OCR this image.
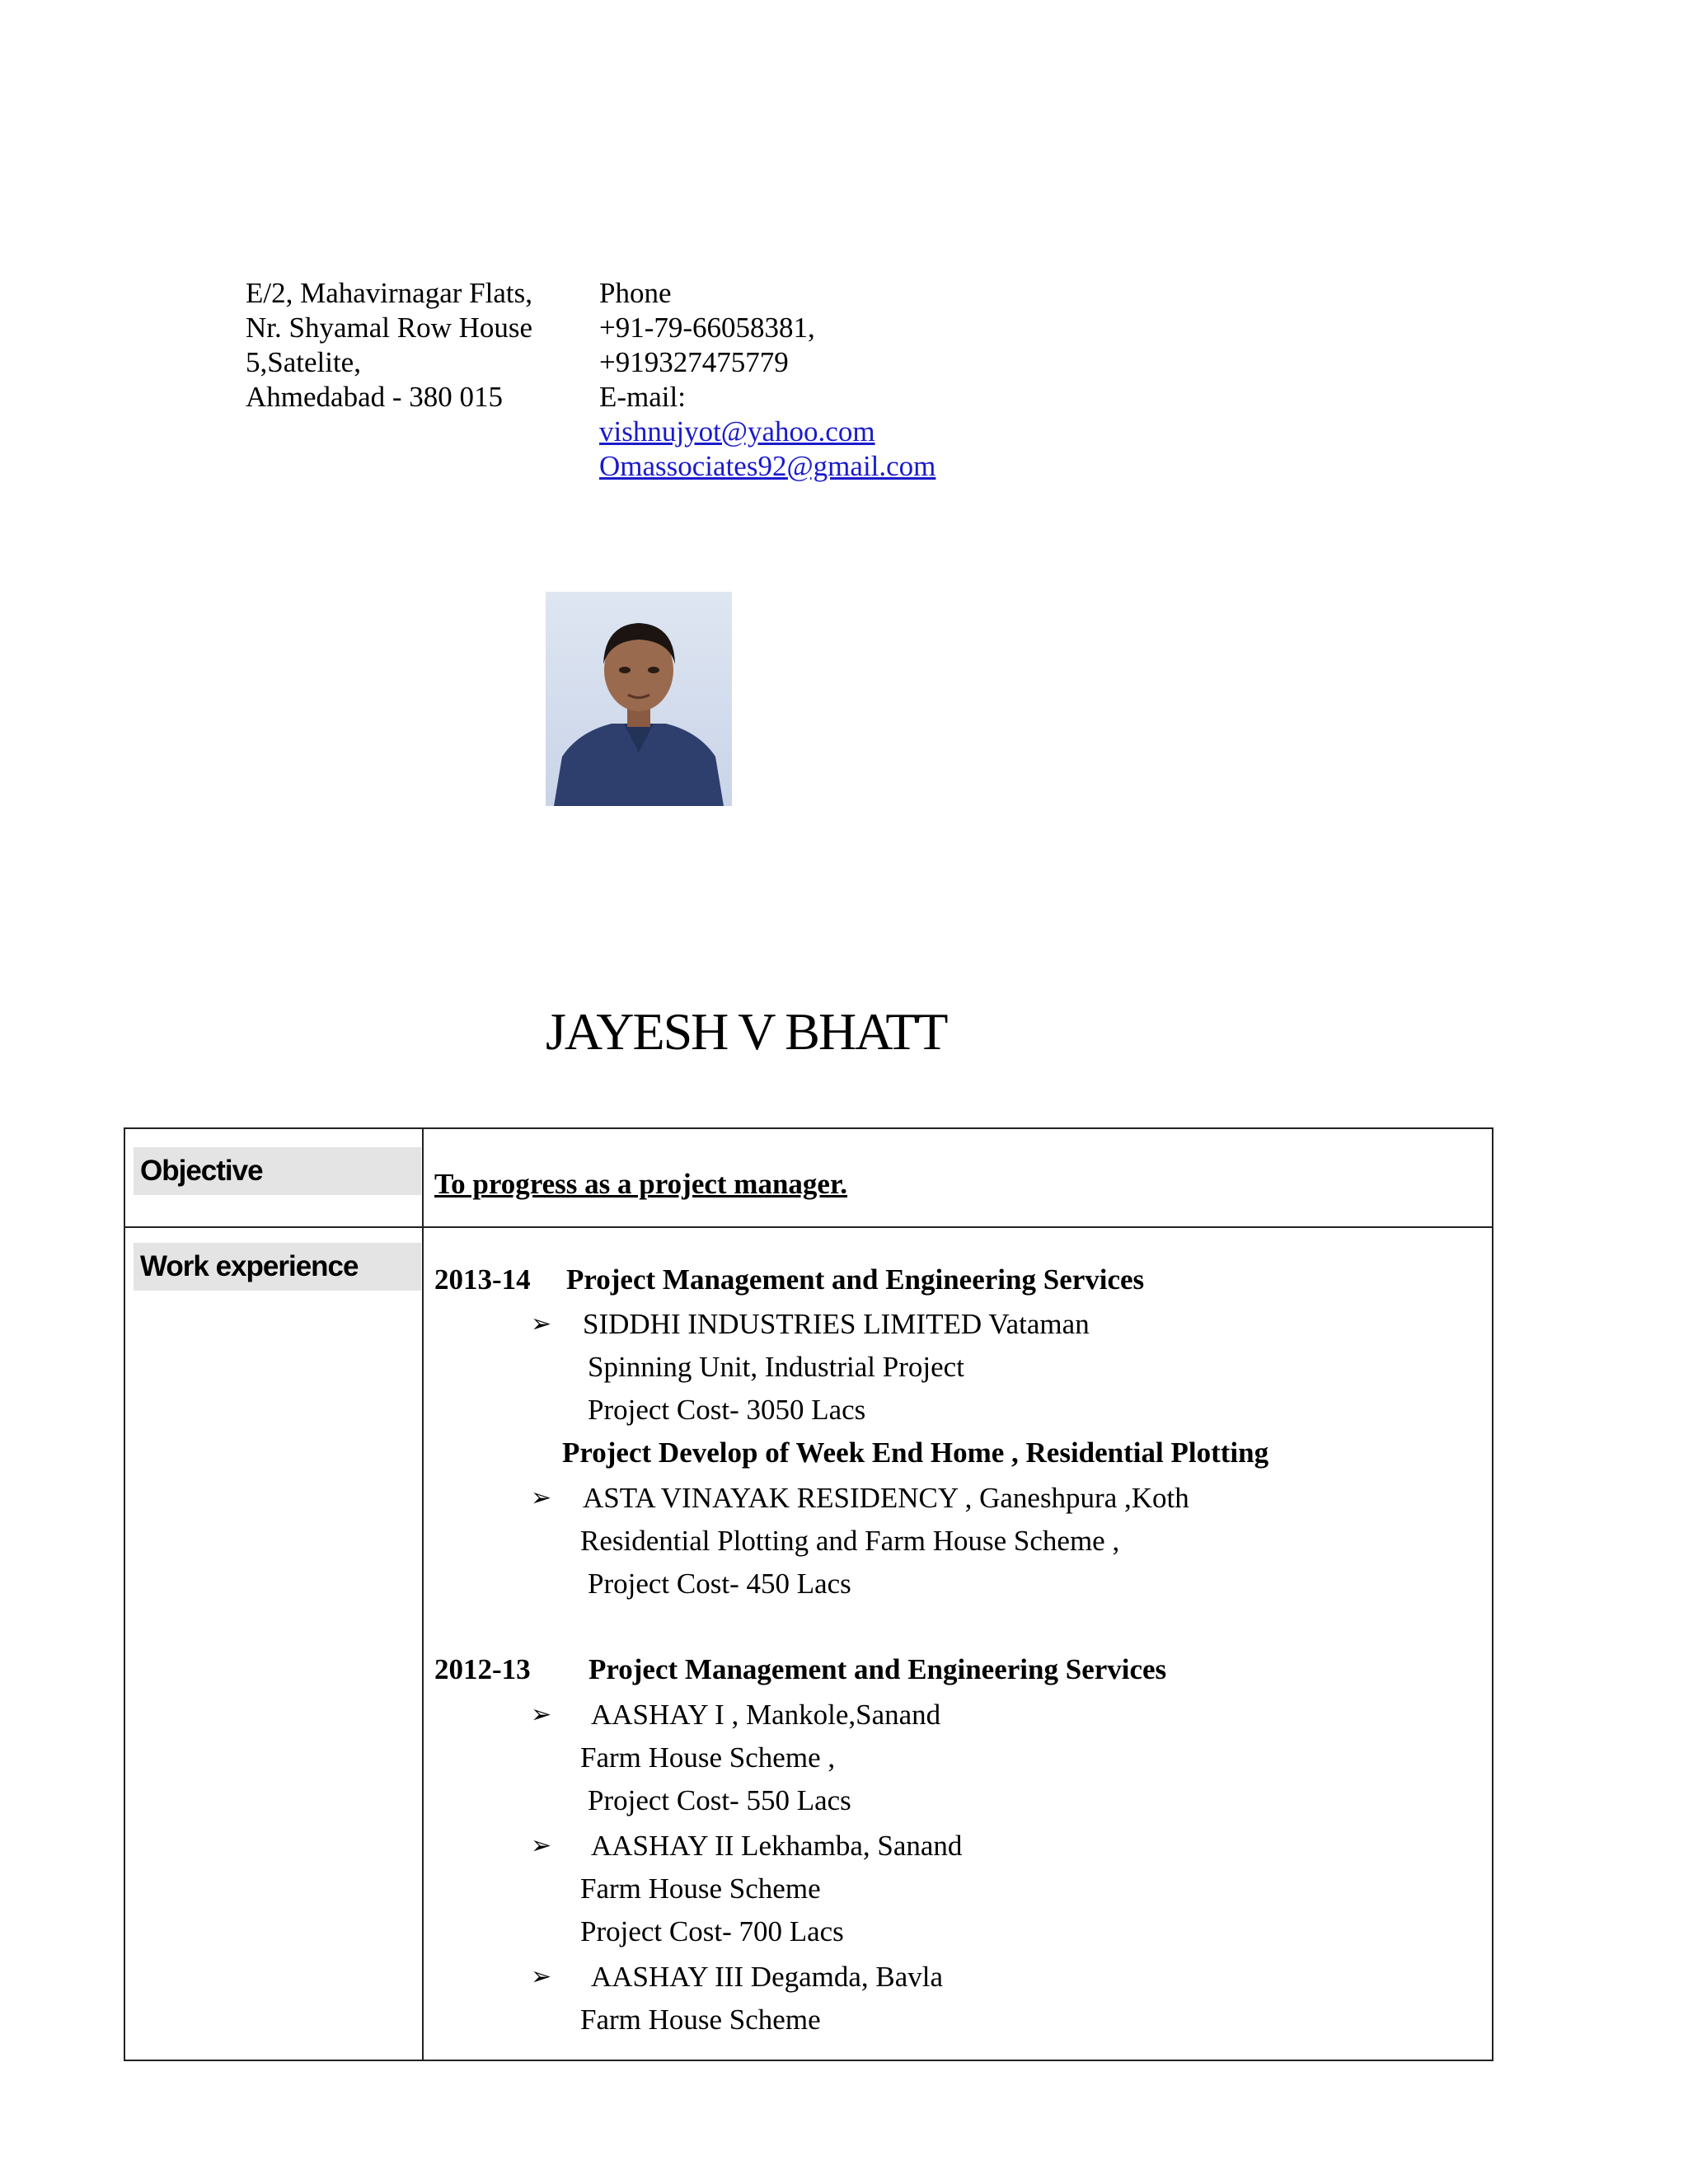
E/2, Mahavirnagar Flats,
Nr. Shyamal Row House
5,Satelite,
Ahmedabad - 380 015
Phone
+91-79-66058381,
+919327475779
E-mail:
vishnujyot@yahoo.com
Omassociates92@gmail.com
JAYESH V BHATT
Objective	To progress as a project manager.
Work experience	2013-14 Project Management and Engineering Services
➢ SIDDHI INDUSTRIES LIMITED Vataman
Spinning Unit, Industrial Project
Project Cost- 3050 Lacs
Project Develop of Week End Home , Residential Plotting
➢ ASTA VINAYAK RESIDENCY , Ganeshpura ,Koth
Residential Plotting and Farm House Scheme ,
Project Cost- 450 Lacs
2012-13 Project Management and Engineering Services
➢ AASHAY I , Mankole,Sanand
Farm House Scheme ,
Project Cost- 550 Lacs
➢ AASHAY II Lekhamba, Sanand
Farm House Scheme
Project Cost- 700 Lacs
➢ AASHAY III Degamda, Bavla
Farm House Scheme
